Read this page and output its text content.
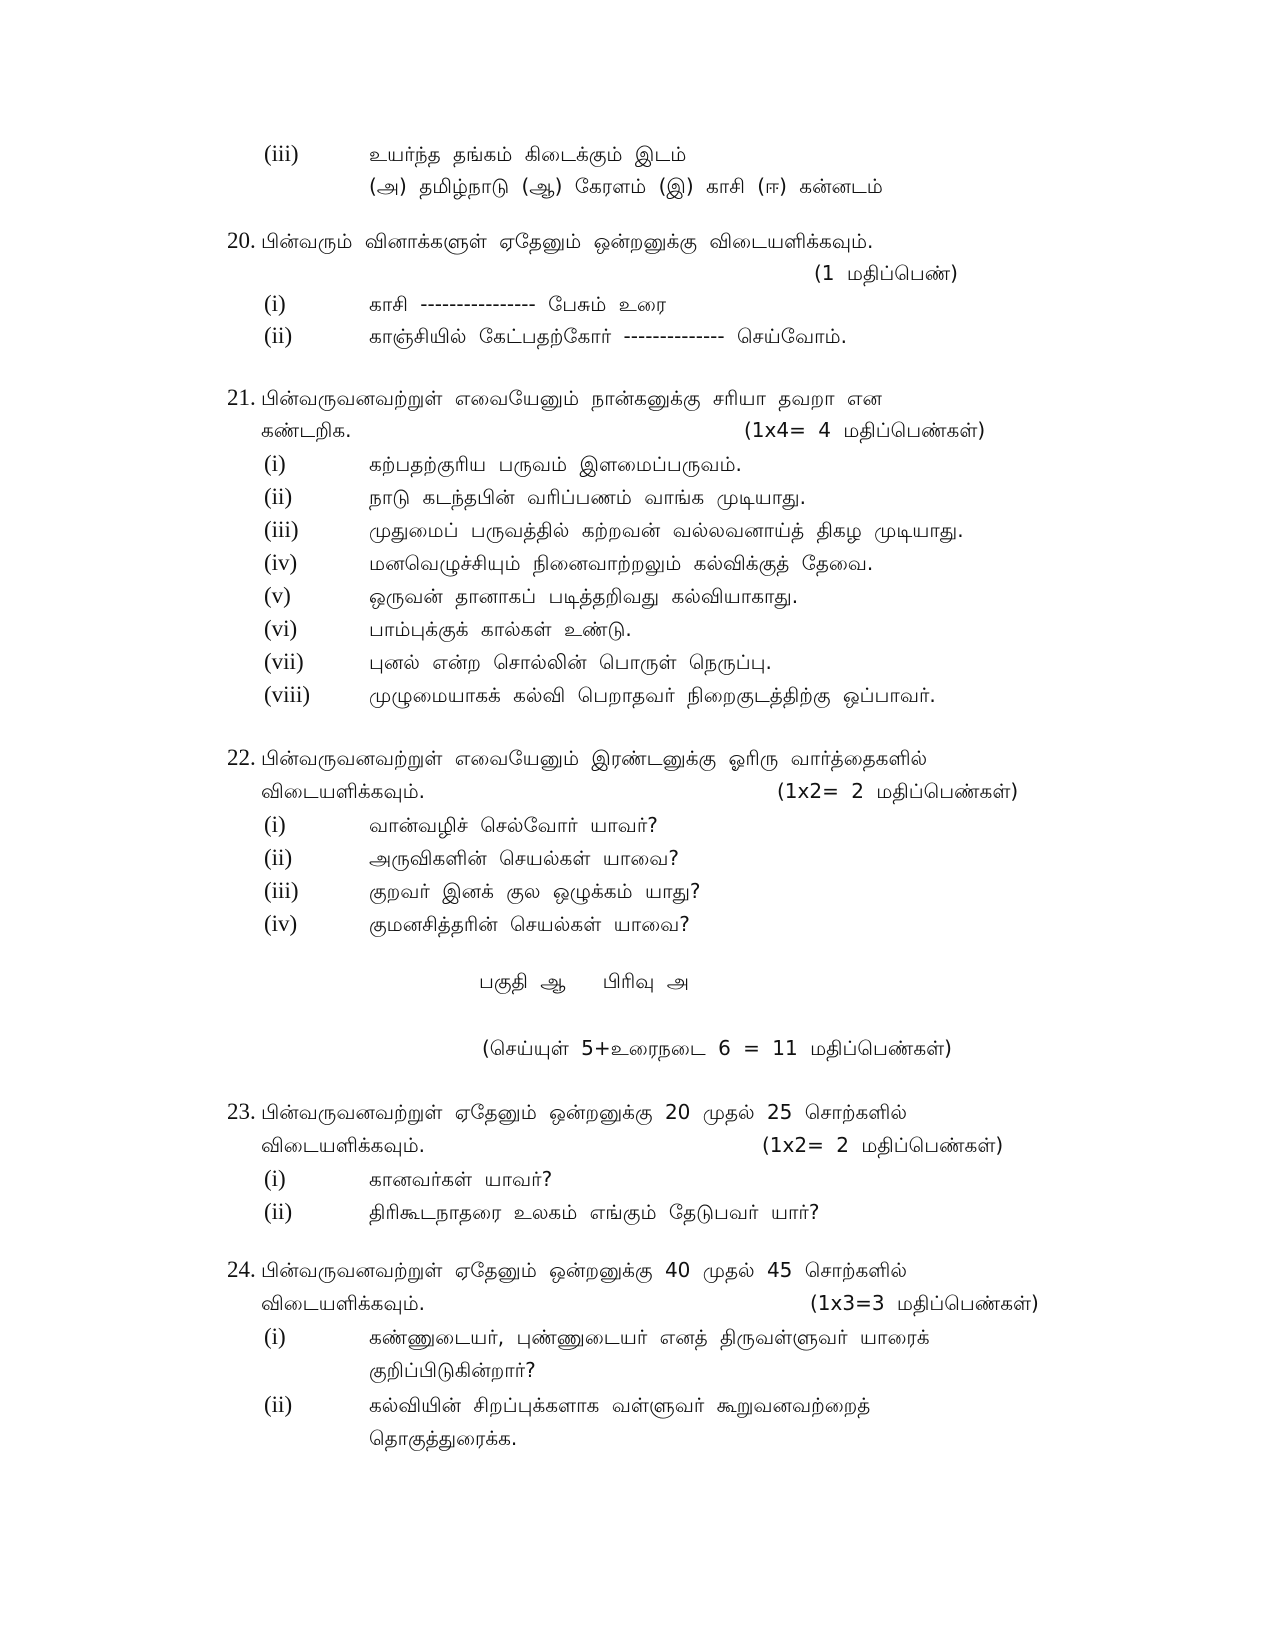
(iii)	உயர்ந்த தங்கம் கிடைக்கும் இடம்
(அ) தமிழ்நாடு (ஆ) கேரளம் (இ) காசி (ஈ) கன்னடம்
20. பின்வரும் வினாக்களுள் ஏதேனும் ஒன்றனுக்கு விடையளிக்கவும்.
(1 மதிப்பெண்)
(i)	காசி ---------------- பேசும் உரை
(ii)	காஞ்சியில் கேட்பதற்கோர் -------------- செய்வோம்.
21. பின்வருவனவற்றுள் எவையேனும் நான்கனுக்கு சரியா தவறா என
கண்டறிக.	(1x4= 4 மதிப்பெண்கள்)
(i)	கற்பதற்குரிய பருவம் இளமைப்பருவம்.
(ii)	நாடு கடந்தபின் வரிப்பணம் வாங்க முடியாது.
(iii)	முதுமைப் பருவத்தில் கற்றவன் வல்லவனாய்த் திகழ முடியாது.
(iv)	மனவெழுச்சியும் நினைவாற்றலும் கல்விக்குத் தேவை.
(v)	ஒருவன் தானாகப் படித்தறிவது கல்வியாகாது.
(vi)	பாம்புக்குக் கால்கள் உண்டு.
(vii)	புனல் என்ற சொல்லின் பொருள் நெருப்பு.
(viii)	முழுமையாகக் கல்வி பெறாதவர் நிறைகுடத்திற்கு ஒப்பாவர்.
22. பின்வருவனவற்றுள் எவையேனும் இரண்டனுக்கு ஓரிரு வார்த்தைகளில்
விடையளிக்கவும்.	(1x2= 2 மதிப்பெண்கள்)
(i)	வான்வழிச் செல்வோர் யாவர்?
(ii)	அருவிகளின் செயல்கள் யாவை?
(iii)	குறவர் இனக் குல ஒழுக்கம் யாது?
(iv)	குமனசித்தரின் செயல்கள் யாவை?
பகுதி ஆ   பிரிவு அ
(செய்யுள் 5+உரைநடை 6 = 11 மதிப்பெண்கள்)
23. பின்வருவனவற்றுள் ஏதேனும் ஒன்றனுக்கு 20 முதல் 25 சொற்களில்
விடையளிக்கவும்.	(1x2= 2 மதிப்பெண்கள்)
(i)	கானவர்கள் யாவர்?
(ii)	திரிகூடநாதரை உலகம் எங்கும் தேடுபவர் யார்?
24. பின்வருவனவற்றுள் ஏதேனும் ஒன்றனுக்கு 40 முதல் 45 சொற்களில்
விடையளிக்கவும்.	(1x3=3 மதிப்பெண்கள்)
(i)	கண்ணுடையர், புண்ணுடையர் எனத் திருவள்ளுவர் யாரைக்
குறிப்பிடுகின்றார்?
(ii)	கல்வியின் சிறப்புக்களாக வள்ளுவர் கூறுவனவற்றைத்
தொகுத்துரைக்க.
